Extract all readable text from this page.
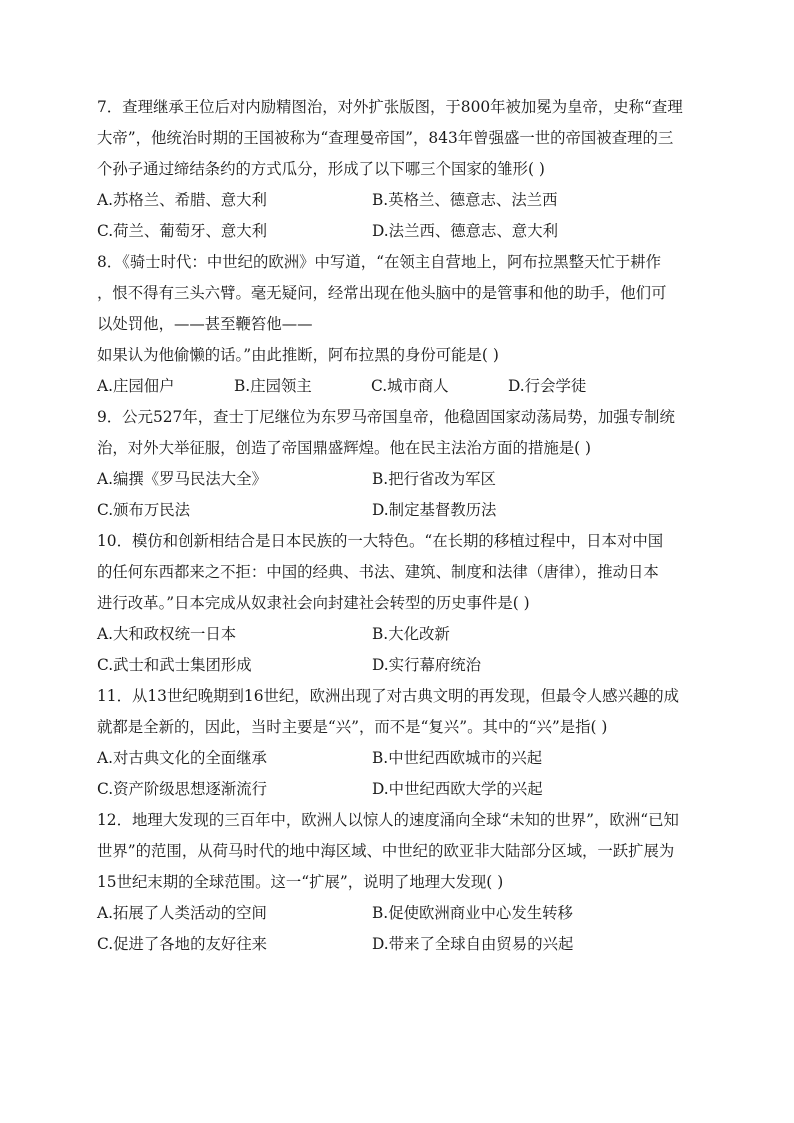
7．查理继承王位后对内励精图治，对外扩张版图，于800年被加冕为皇帝，史称“查理
大帝”，他统治时期的王国被称为“查理曼帝国”，843年曾强盛一世的帝国被查理的三
个孙子通过缔结条约的方式瓜分，形成了以下哪三个国家的雏形( )
A.苏格兰、希腊、意大利	B.英格兰、德意志、法兰西
C.荷兰、葡萄牙、意大利	D.法兰西、德意志、意大利
8．《骑士时代：中世纪的欧洲》中写道，“在领主自营地上，阿布拉黑整天忙于耕作
，恨不得有三头六臂。毫无疑问，经常出现在他头脑中的是管事和他的助手，他们可
以处罚他，——甚至鞭笞他——
如果认为他偷懒的话。”由此推断，阿布拉黑的身份可能是( )
A.庄园佃户	B.庄园领主	C.城市商人	D.行会学徒
9．公元527年，查士丁尼继位为东罗马帝国皇帝，他稳固国家动荡局势，加强专制统
治，对外大举征服，创造了帝国鼎盛辉煌。他在民主法治方面的措施是( )
A.编撰《罗马民法大全》	B.把行省改为军区
C.颁布万民法	D.制定基督教历法
10．模仿和创新相结合是日本民族的一大特色。“在长期的移植过程中，日本对中国
的任何东西都来之不拒：中国的经典、书法、建筑、制度和法律（唐律），推动日本
进行改革。”日本完成从奴隶社会向封建社会转型的历史事件是( )
A.大和政权统一日本	B.大化改新
C.武士和武士集团形成	D.实行幕府统治
11．从13世纪晚期到16世纪，欧洲出现了对古典文明的再发现，但最令人感兴趣的成
就都是全新的，因此，当时主要是“兴”，而不是“复兴”。其中的“兴”是指( )
A.对古典文化的全面继承	B.中世纪西欧城市的兴起
C.资产阶级思想逐渐流行	D.中世纪西欧大学的兴起
12．地理大发现的三百年中，欧洲人以惊人的速度涌向全球“未知的世界”，欧洲“已知
世界”的范围，从荷马时代的地中海区域、中世纪的欧亚非大陆部分区域，一跃扩展为
15世纪末期的全球范围。这一“扩展”，说明了地理大发现( )
A.拓展了人类活动的空间	B.促使欧洲商业中心发生转移
C.促进了各地的友好往来	D.带来了全球自由贸易的兴起
